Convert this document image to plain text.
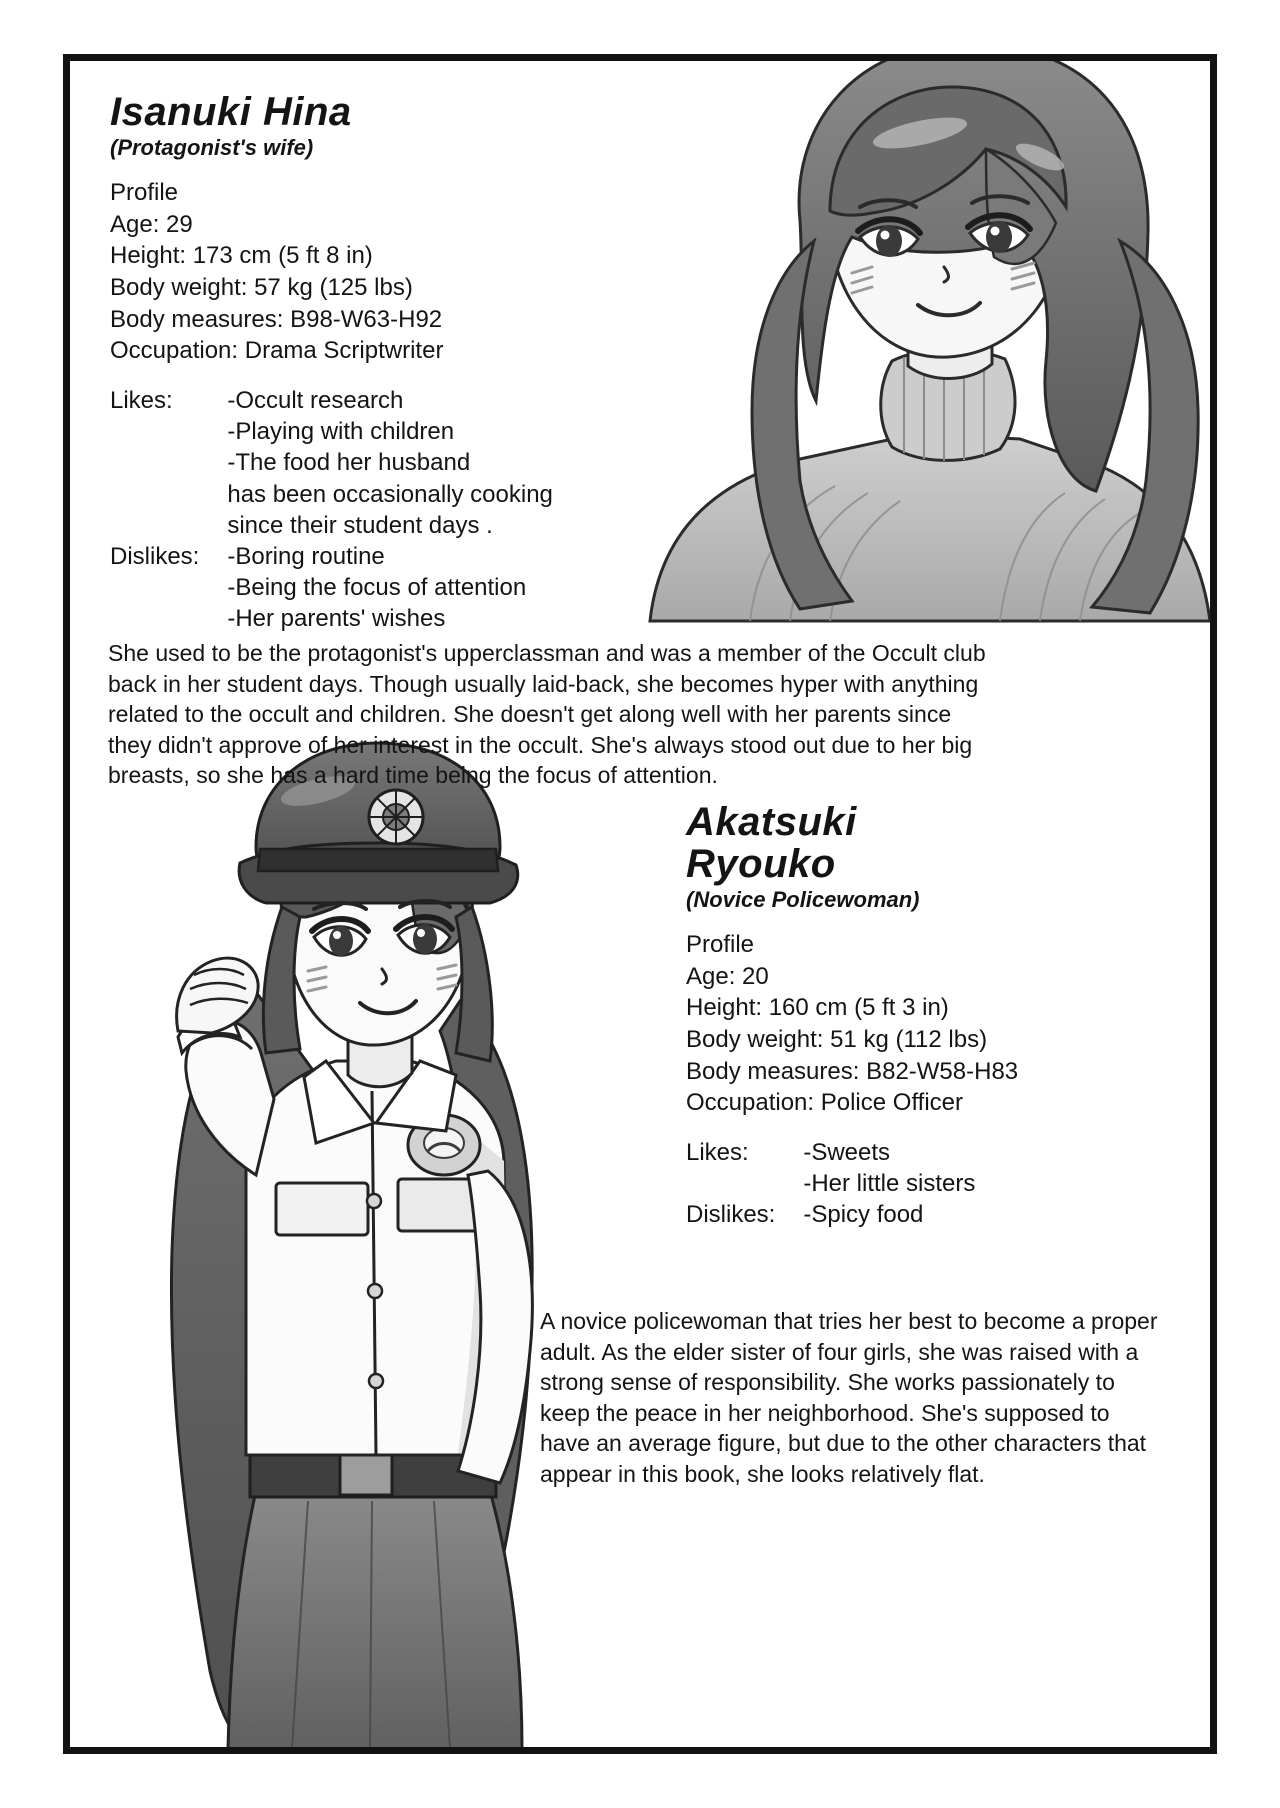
Isanuki Hina

(Protagonist's wife)

Profile
Age: 29
Height: 173 cm (5 ft 8 in)
Body weight: 57 kg (125 lbs)
Body measures: B98-W63-H92
Occupation: Drama Scriptwriter
Likes:	-Occult research
-Playing with children
-The food her husband
has been occasionally cooking
since their student days .

Dislikes:	-Boring routine
-Being the focus of attention
-Her parents' wishes

She used to be the protagonist's upperclassman and was a member of the Occult club back in her student days. Though usually laid-back, she becomes hyper with anything related to the occult and children. She doesn't get along well with her parents since they didn't approve of her interest in the occult. She's always stood out due to her big breasts, so she has a hard time being the focus of attention.

Akatsuki
Ryouko

(Novice Policewoman)

Profile
Age: 20
Height: 160 cm (5 ft 3 in)
Body weight: 51 kg (112 lbs)
Body measures: B82-W58-H83
Occupation: Police Officer
Likes:	-Sweets
-Her little sisters

Dislikes:	-Spicy food

A novice policewoman that tries her best to become a proper adult. As the elder sister of four girls, she was raised with a strong sense of responsibility. She works passionately to keep the peace in her neighborhood. She's supposed to have an average figure, but due to the other characters that appear in this book, she looks relatively flat.
